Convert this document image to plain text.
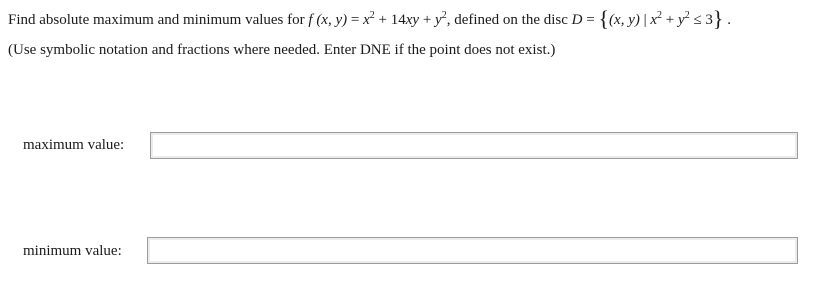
Find absolute maximum and minimum values for f (x, $y) = x^2 + 14xy + y^2$, defined on the disc D = {(x, y) | $x^2 + y^2 \le 3$} .
(Use symbolic notation and fractions where needed. Enter DNE if the point does not exist.)
maximum value:
minimum value:
